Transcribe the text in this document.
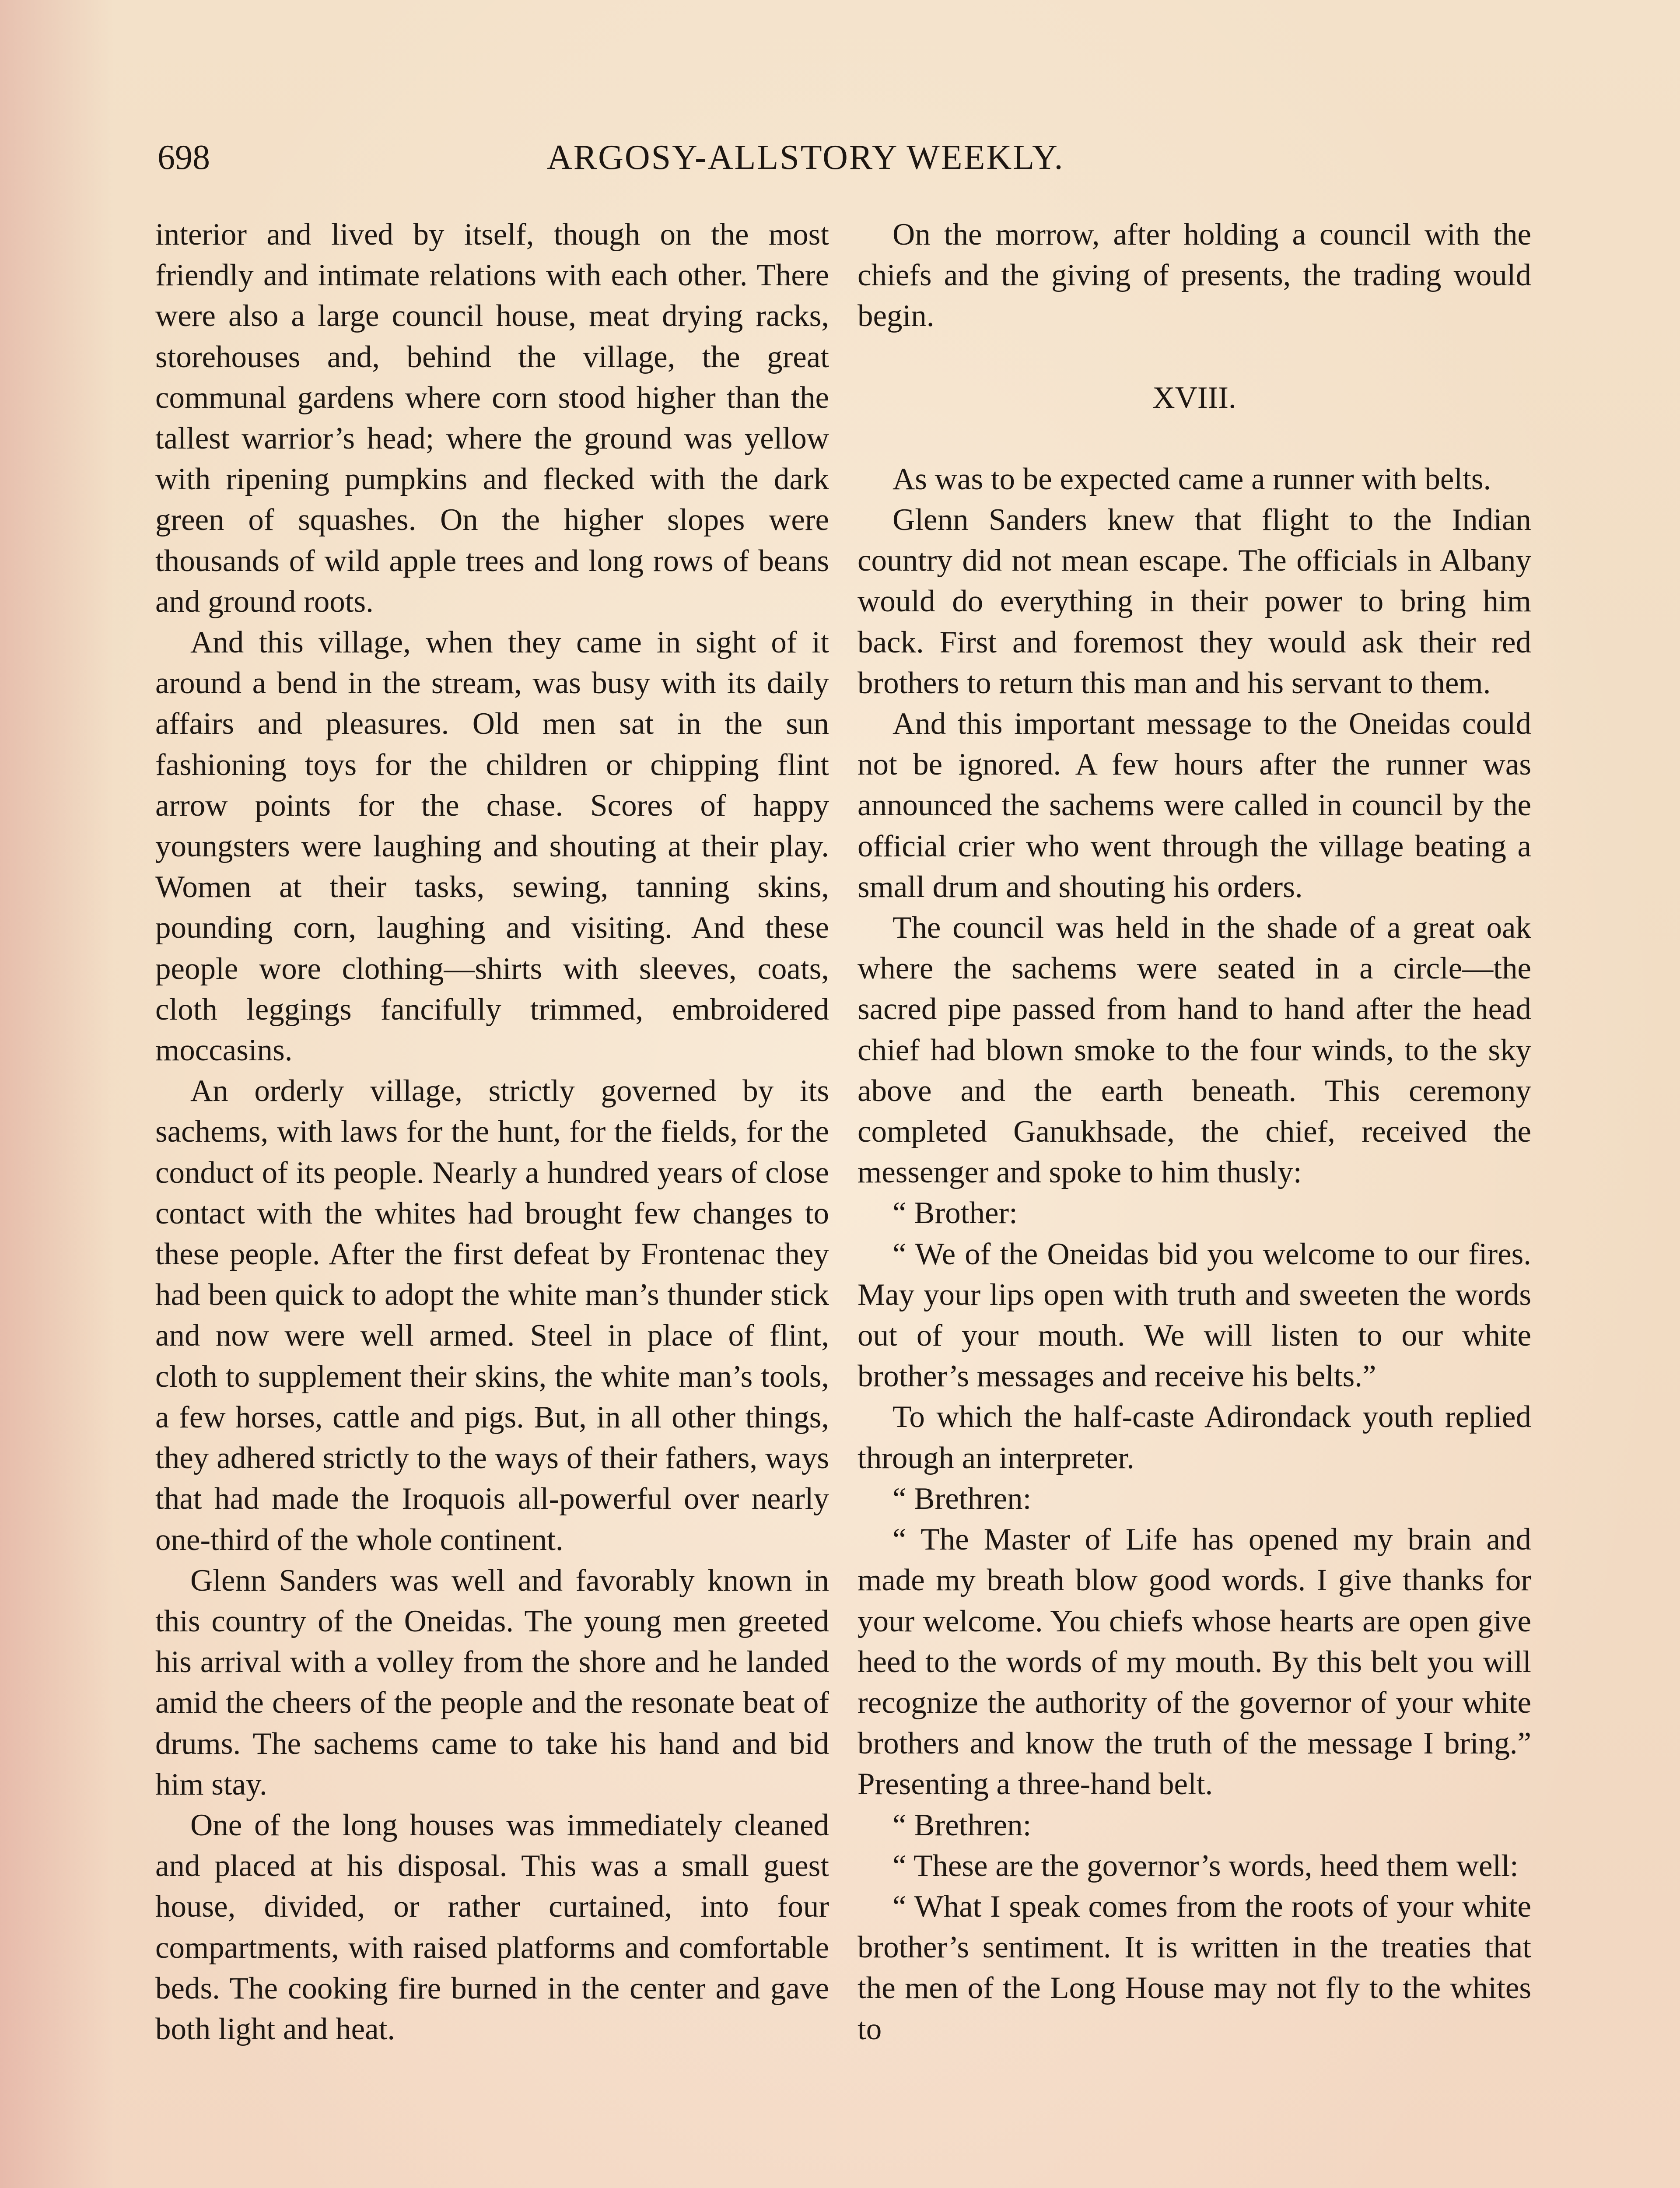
698	ARGOSY-ALLSTORY WEEKLY.

interior and lived by itself, though on the most friendly and intimate relations with each other. There were also a large council house, meat drying racks, storehouses and, behind the village, the great communal gardens where corn stood higher than the tallest warrior’s head; where the ground was yellow with ripening pumpkins and flecked with the dark green of squashes. On the higher slopes were thousands of wild apple trees and long rows of beans and ground roots.

And this village, when they came in sight of it around a bend in the stream, was busy with its daily affairs and pleasures. Old men sat in the sun fashioning toys for the children or chipping flint arrow points for the chase. Scores of happy youngsters were laughing and shouting at their play. Women at their tasks, sewing, tanning skins, pounding corn, laughing and visiting. And these people wore clothing—shirts with sleeves, coats, cloth leggings fancifully trimmed, embroidered moccasins.

An orderly village, strictly governed by its sachems, with laws for the hunt, for the fields, for the conduct of its people. Nearly a hundred years of close contact with the whites had brought few changes to these people. After the first defeat by Frontenac they had been quick to adopt the white man’s thunder stick and now were well armed. Steel in place of flint, cloth to supplement their skins, the white man’s tools, a few horses, cattle and pigs. But, in all other things, they adhered strictly to the ways of their fathers, ways that had made the Iroquois all-powerful over nearly one-third of the whole continent.

Glenn Sanders was well and favorably known in this country of the Oneidas. The young men greeted his arrival with a volley from the shore and he landed amid the cheers of the people and the resonate beat of drums. The sachems came to take his hand and bid him stay.

One of the long houses was immediately cleaned and placed at his disposal. This was a small guest house, divided, or rather curtained, into four compartments, with raised platforms and comfortable beds. The cooking fire burned in the center and gave both light and heat.

On the morrow, after holding a council with the chiefs and the giving of presents, the trading would begin.

XVIII.

As was to be expected came a runner with belts.

Glenn Sanders knew that flight to the Indian country did not mean escape. The officials in Albany would do everything in their power to bring him back. First and foremost they would ask their red brothers to return this man and his servant to them.

And this important message to the Oneidas could not be ignored. A few hours after the runner was announced the sachems were called in council by the official crier who went through the village beating a small drum and shouting his orders.

The council was held in the shade of a great oak where the sachems were seated in a circle—the sacred pipe passed from hand to hand after the head chief had blown smoke to the four winds, to the sky above and the earth beneath. This ceremony completed Ganukhsade, the chief, received the messenger and spoke to him thusly:

“ Brother:

“ We of the Oneidas bid you welcome to our fires. May your lips open with truth and sweeten the words out of your mouth. We will listen to our white brother’s messages and receive his belts.”

To which the half-caste Adirondack youth replied through an interpreter.

“ Brethren:

“ The Master of Life has opened my brain and made my breath blow good words. I give thanks for your welcome. You chiefs whose hearts are open give heed to the words of my mouth. By this belt you will recognize the authority of the governor of your white brothers and know the truth of the message I bring.” Presenting a three-hand belt.

“ Brethren:

“ These are the governor’s words, heed them well:

“ What I speak comes from the roots of your white brother’s sentiment. It is written in the treaties that the men of the Long House may not fly to the whites to
